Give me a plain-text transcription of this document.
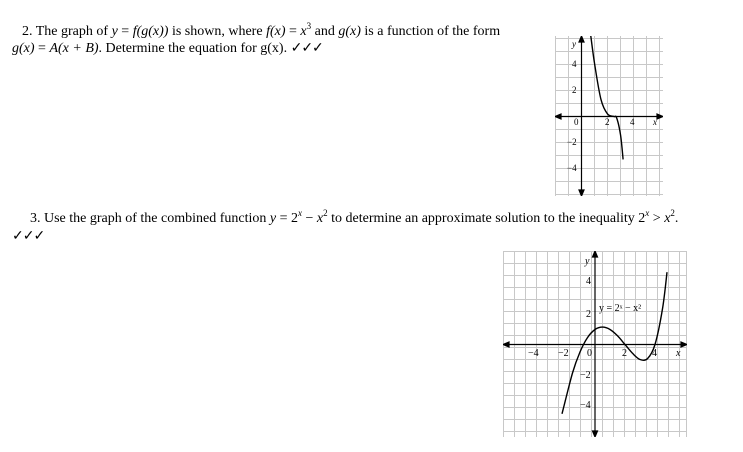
2. The graph of y = f(g(x)) is shown, where $f(x) = x^3$ and g(x) is a function of the form
g(x) = A(x + B). Determine the equation for g(x). ✓✓✓	y
x
0	2 4
4
2
−2
−4
3. Use the graph of the combined function $y = 2^x - x^2$ to determine an approximate solution to the inequality $2^x > x^2$.
✓✓✓
y
x
−4 −2 0	2	4
4
2
−2
−4
y = 2ˣ − x²
